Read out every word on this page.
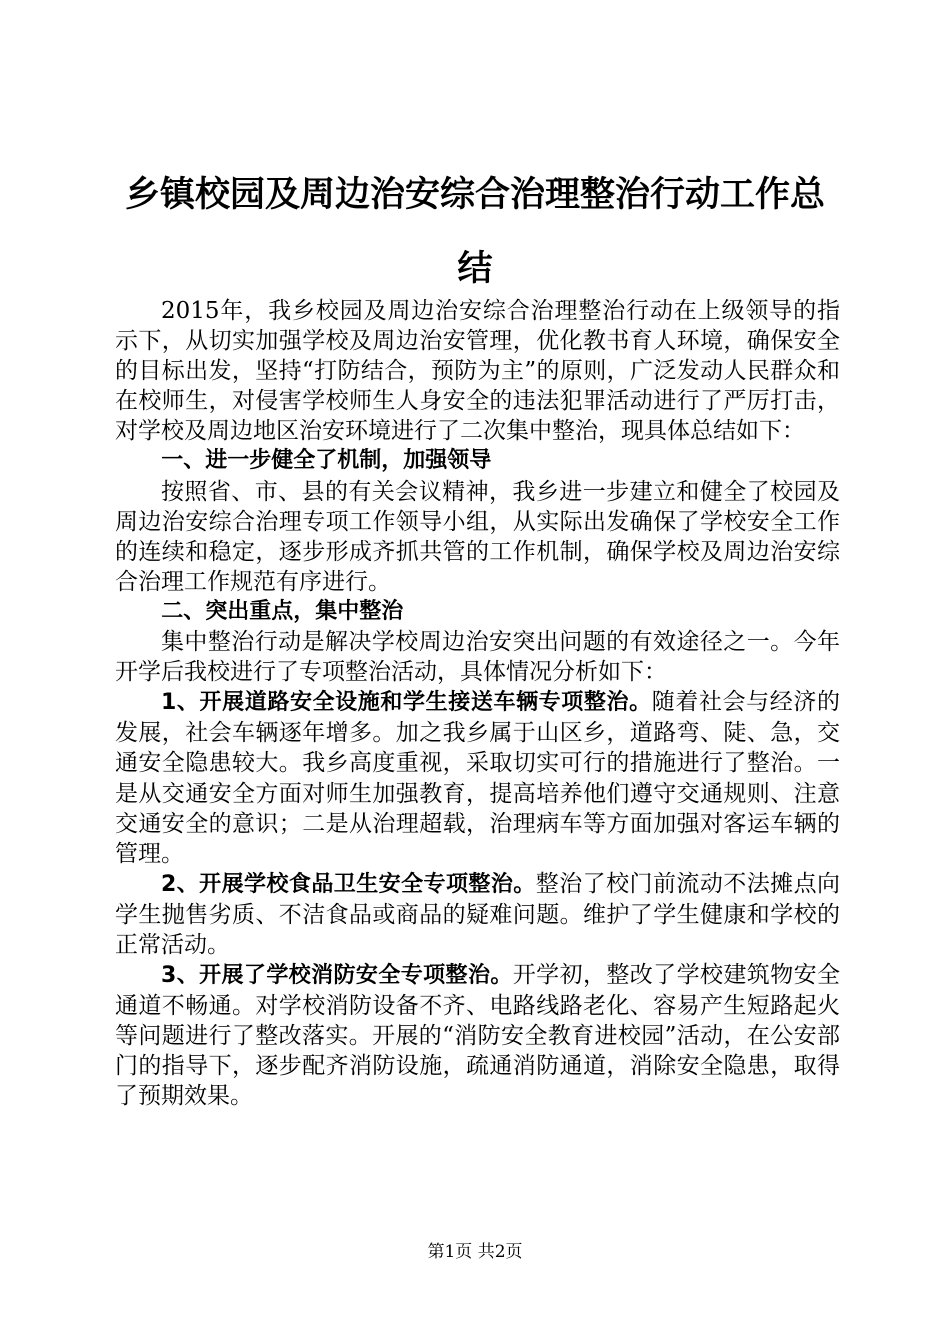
乡镇校园及周边治安综合治理整治行动工作总结

2015年，我乡校园及周边治安综合治理整治行动在上级领导的指示下，从切实加强学校及周边治安管理，优化教书育人环境，确保安全的目标出发，坚持“打防结合，预防为主”的原则，广泛发动人民群众和在校师生，对侵害学校师生人身安全的违法犯罪活动进行了严厉打击，对学校及周边地区治安环境进行了二次集中整治，现具体总结如下：

一、进一步健全了机制，加强领导

按照省、市、县的有关会议精神，我乡进一步建立和健全了校园及周边治安综合治理专项工作领导小组，从实际出发确保了学校安全工作的连续和稳定，逐步形成齐抓共管的工作机制，确保学校及周边治安综合治理工作规范有序进行。

二、突出重点，集中整治

集中整治行动是解决学校周边治安突出问题的有效途径之一。今年开学后我校进行了专项整治活动，具体情况分析如下：

1、开展道路安全设施和学生接送车辆专项整治。随着社会与经济的发展，社会车辆逐年增多。加之我乡属于山区乡，道路弯、陡、急，交通安全隐患较大。我乡高度重视，采取切实可行的措施进行了整治。一是从交通安全方面对师生加强教育，提高培养他们遵守交通规则、注意交通安全的意识；二是从治理超载，治理病车等方面加强对客运车辆的管理。

2、开展学校食品卫生安全专项整治。整治了校门前流动不法摊点向学生抛售劣质、不洁食品或商品的疑难问题。维护了学生健康和学校的正常活动。

3、开展了学校消防安全专项整治。开学初，整改了学校建筑物安全通道不畅通。对学校消防设备不齐、电路线路老化、容易产生短路起火等问题进行了整改落实。开展的“消防安全教育进校园”活动，在公安部门的指导下，逐步配齐消防设施，疏通消防通道，消除安全隐患，取得了预期效果。

第1页 共2页
